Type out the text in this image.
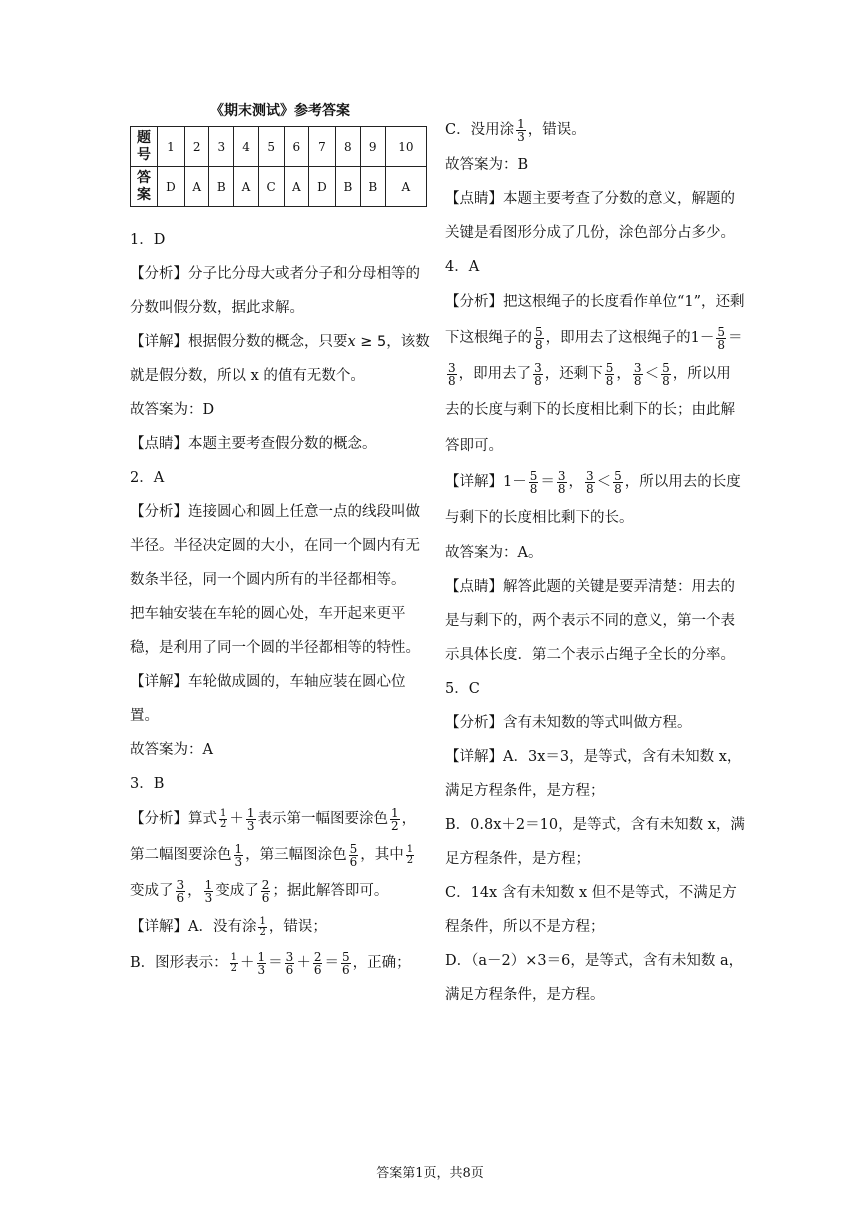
《期末测试》参考答案

题号	1	2	3	4	5	6	7	8	9	10
答案	D	A	B	A	C	A	D	B	B	A

1．D

【分析】分子比分母大或者分子和分母相等的分数叫假分数，据此求解。

【详解】根据假分数的概念，只要x ≥ 5，该数就是假分数，所以 x 的值有无数个。

故答案为：D

【点睛】本题主要考查假分数的概念。

2．A

【分析】连接圆心和圆上任意一点的线段叫做半径。半径决定圆的大小，在同一个圆内有无数条半径，同一个圆内所有的半径都相等。

把车轴安装在车轮的圆心处，车开起来更平稳，是利用了同一个圆的半径都相等的特性。

【详解】车轮做成圆的，车轴应装在圆心位置。

故答案为：A

3．B

【分析】算式 $\frac{1}{2} + \frac{1}{3}$ 表示第一幅图要涂色 $\frac{1}{2}$ ，第二幅图要涂色 $\frac{1}{3}$ ，第三幅图涂色 $\frac{5}{6}$ ，其中 $\frac{1}{2}$
变成了 $\frac{3}{6}$ ， $\frac{1}{3}$ 变成了 $\frac{2}{6}$ ；据此解答即可。

【详解】A．没有涂 $\frac{1}{2}$ ，错误；

B．图形表示： $\frac{1}{2} + \frac{1}{3} = \frac{3}{6} + \frac{2}{6} = \frac{5}{6}$ ，正确；

C．没用涂 $\frac{1}{3}$ ，错误。

故答案为：B

【点睛】本题主要考查了分数的意义，解题的关键是看图形分成了几份，涂色部分占多少。

4．A

【分析】把这根绳子的长度看作单位“1”，还剩下这根绳子的 $\frac{5}{8}$ ，即用去了这根绳子的$1- \frac{5}{8}$ ＝
$\frac{3}{8}$ ，即用去了 $\frac{3}{8}$ ，还剩下 $\frac{5}{8}$ ， $\frac{3}{8} < \frac{5}{8}$ ，所以用去的长度与剩下的长度相比剩下的长；由此解答即可。

【详解】$1- \frac{5}{8} = \frac{3}{8}$ ， $\frac{3}{8} < \frac{5}{8}$ ，所以用去的长度与剩下的长度相比剩下的长。

故答案为：A。

【点睛】解答此题的关键是要弄清楚：用去的是与剩下的，两个表示不同的意义，第一个表示具体长度．第二个表示占绳子全长的分率。

5．C

【分析】含有未知数的等式叫做方程。

【详解】A．3x＝3，是等式，含有未知数 x，满足方程条件，是方程；

B．0.8x＋2＝10，是等式，含有未知数 x，满足方程条件，是方程；

C．14x 含有未知数 x 但不是等式，不满足方程条件，所以不是方程；

D．（a－2）×3＝6，是等式，含有未知数 a，满足方程条件，是方程。

答案第1页，共8页
